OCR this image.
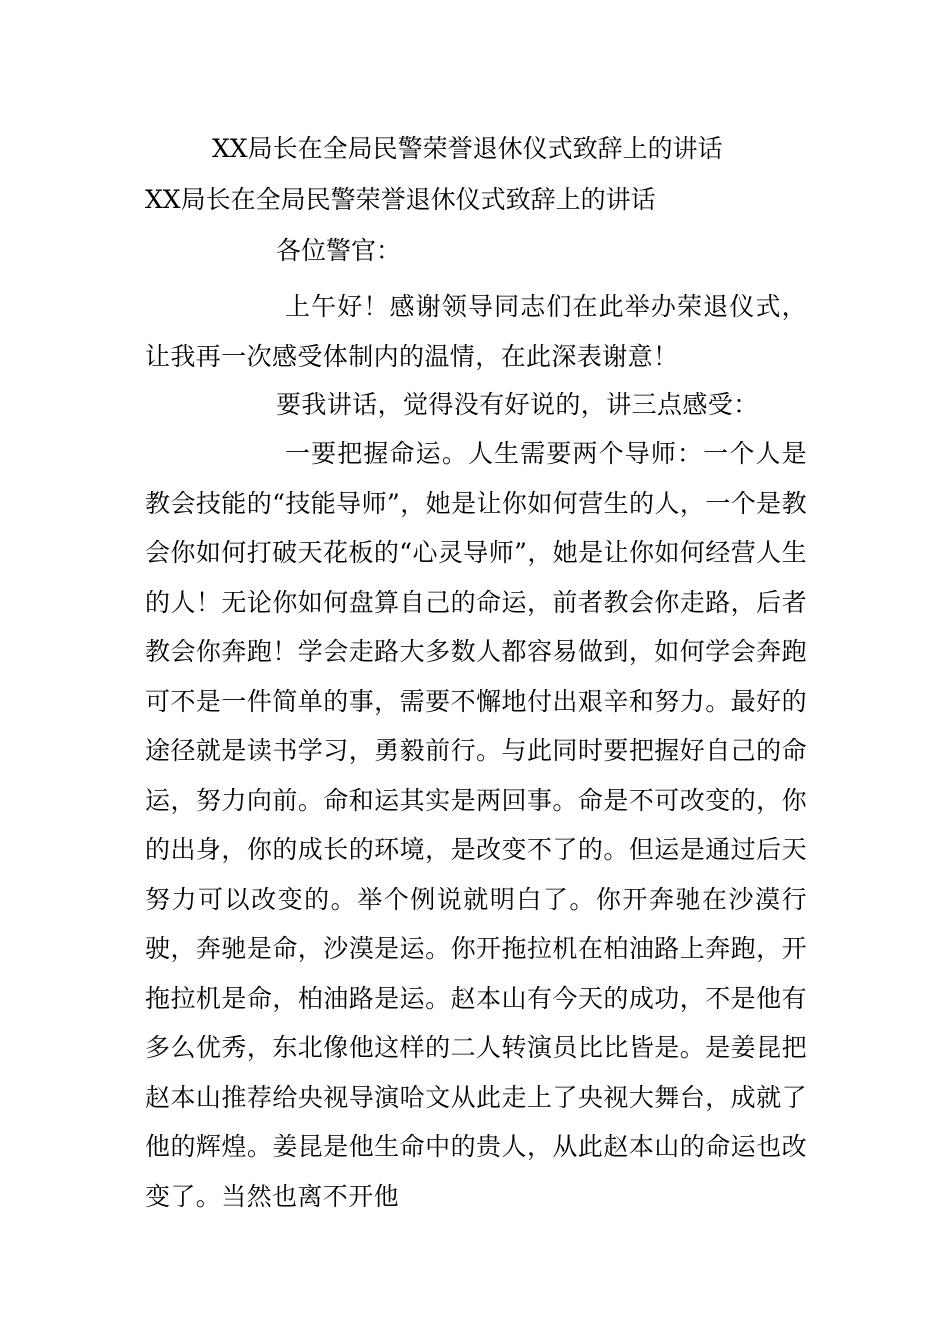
XX局长在全局民警荣誉退休仪式致辞上的讲话
XX局长在全局民警荣誉退休仪式致辞上的讲话
各位警官：
上午好！感谢领导同志们在此举办荣退仪式，让我再一次感受体制内的温情，在此深表谢意！
要我讲话，觉得没有好说的，讲三点感受：
一要把握命运。人生需要两个导师：一个人是教会技能的“技能导师”，她是让你如何营生的人，一个是教会你如何打破天花板的“心灵导师”，她是让你如何经营人生的人！无论你如何盘算自己的命运，前者教会你走路，后者教会你奔跑！学会走路大多数人都容易做到，如何学会奔跑可不是一件简单的事，需要不懈地付出艰辛和努力。最好的途径就是读书学习，勇毅前行。与此同时要把握好自己的命运，努力向前。命和运其实是两回事。命是不可改变的，你的出身，你的成长的环境，是改变不了的。但运是通过后天努力可以改变的。举个例说就明白了。你开奔驰在沙漠行驶，奔驰是命，沙漠是运。你开拖拉机在柏油路上奔跑，开拖拉机是命，柏油路是运。赵本山有今天的成功，不是他有多么优秀，东北像他这样的二人转演员比比皆是。是姜昆把赵本山推荐给央视导演哈文从此走上了央视大舞台，成就了他的辉煌。姜昆是他生命中的贵人，从此赵本山的命运也改变了。当然也离不开他
